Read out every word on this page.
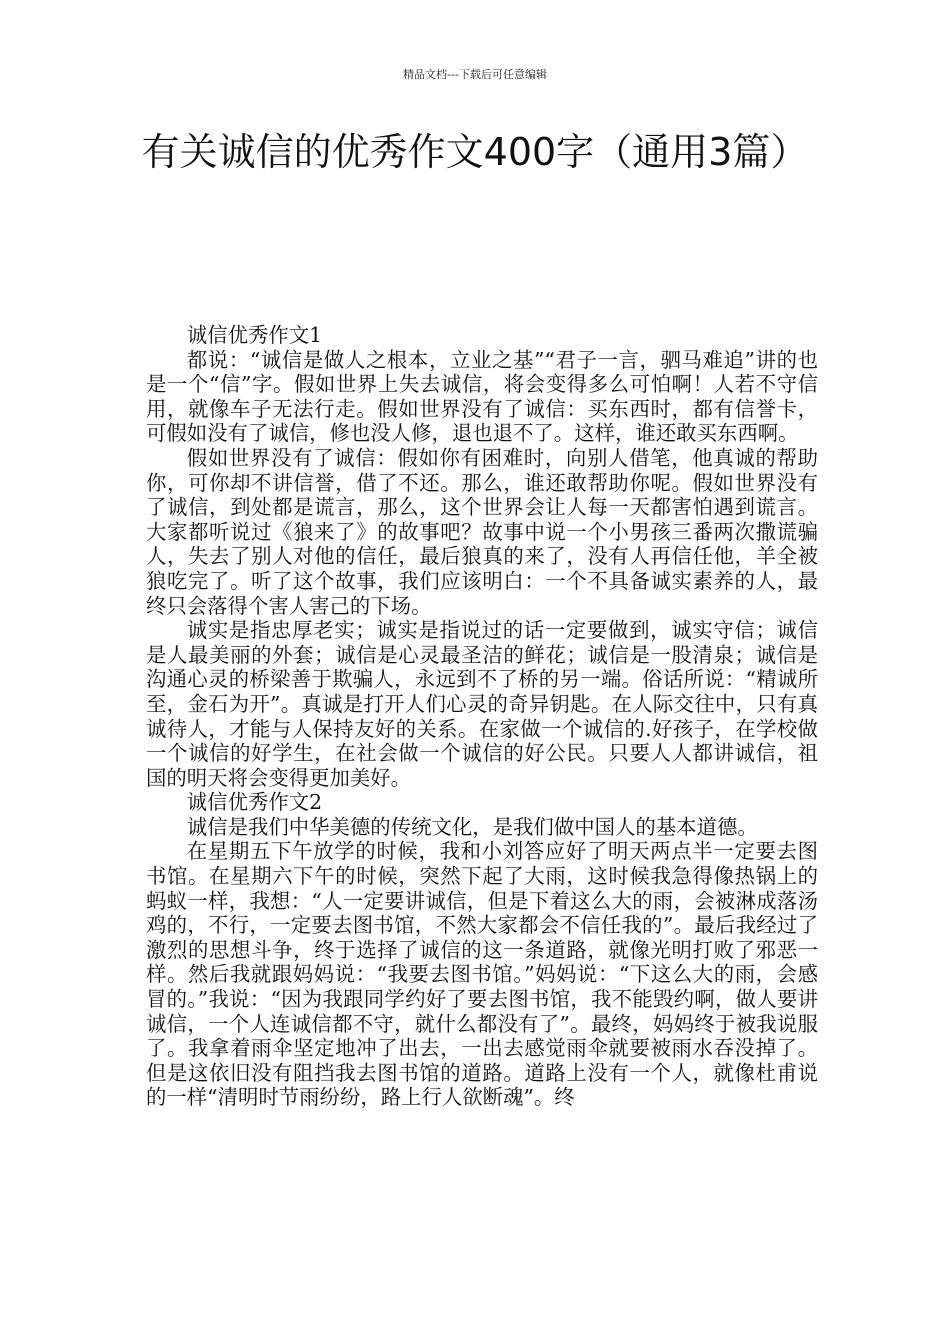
精品文档---下载后可任意编辑
有关诚信的优秀作文400字（通用3篇）

诚信优秀作文1

都说：“诚信是做人之根本，立业之基”“君子一言，驷马难追”讲的也是一个“信”字。假如世界上失去诚信，将会变得多么可怕啊！人若不守信用，就像车子无法行走。假如世界没有了诚信：买东西时，都有信誉卡，可假如没有了诚信，修也没人修，退也退不了。这样，谁还敢买东西啊。

假如世界没有了诚信：假如你有困难时，向别人借笔，他真诚的帮助你，可你却不讲信誉，借了不还。那么，谁还敢帮助你呢。假如世界没有了诚信，到处都是谎言，那么，这个世界会让人每一天都害怕遇到谎言。大家都听说过《狼来了》的故事吧？故事中说一个小男孩三番两次撒谎骗人，失去了别人对他的信任，最后狼真的来了，没有人再信任他，羊全被狼吃完了。听了这个故事，我们应该明白：一个不具备诚实素养的人，最终只会落得个害人害己的下场。

诚实是指忠厚老实；诚实是指说过的话一定要做到，诚实守信；诚信是人最美丽的外套；诚信是心灵最圣洁的鲜花；诚信是一股清泉；诚信是沟通心灵的桥梁善于欺骗人，永远到不了桥的另一端。俗话所说：“精诚所至，金石为开”。真诚是打开人们心灵的奇异钥匙。在人际交往中，只有真诚待人，才能与人保持友好的关系。在家做一个诚信的.好孩子，在学校做一个诚信的好学生，在社会做一个诚信的好公民。只要人人都讲诚信，祖国的明天将会变得更加美好。

诚信优秀作文2

诚信是我们中华美德的传统文化，是我们做中国人的基本道德。

在星期五下午放学的时候，我和小刘答应好了明天两点半一定要去图书馆。在星期六下午的时候，突然下起了大雨，这时候我急得像热锅上的蚂蚁一样，我想：“人一定要讲诚信，但是下着这么大的雨，会被淋成落汤鸡的，不行，一定要去图书馆，不然大家都会不信任我的”。最后我经过了激烈的思想斗争，终于选择了诚信的这一条道路，就像光明打败了邪恶一样。然后我就跟妈妈说：“我要去图书馆。”妈妈说：“下这么大的雨，会感冒的。”我说：“因为我跟同学约好了要去图书馆，我不能毁约啊，做人要讲诚信，一个人连诚信都不守，就什么都没有了”。最终，妈妈终于被我说服了。我拿着雨伞坚定地冲了出去，一出去感觉雨伞就要被雨水吞没掉了。但是这依旧没有阻挡我去图书馆的道路。道路上没有一个人，就像杜甫说的一样“清明时节雨纷纷，路上行人欲断魂”。终
